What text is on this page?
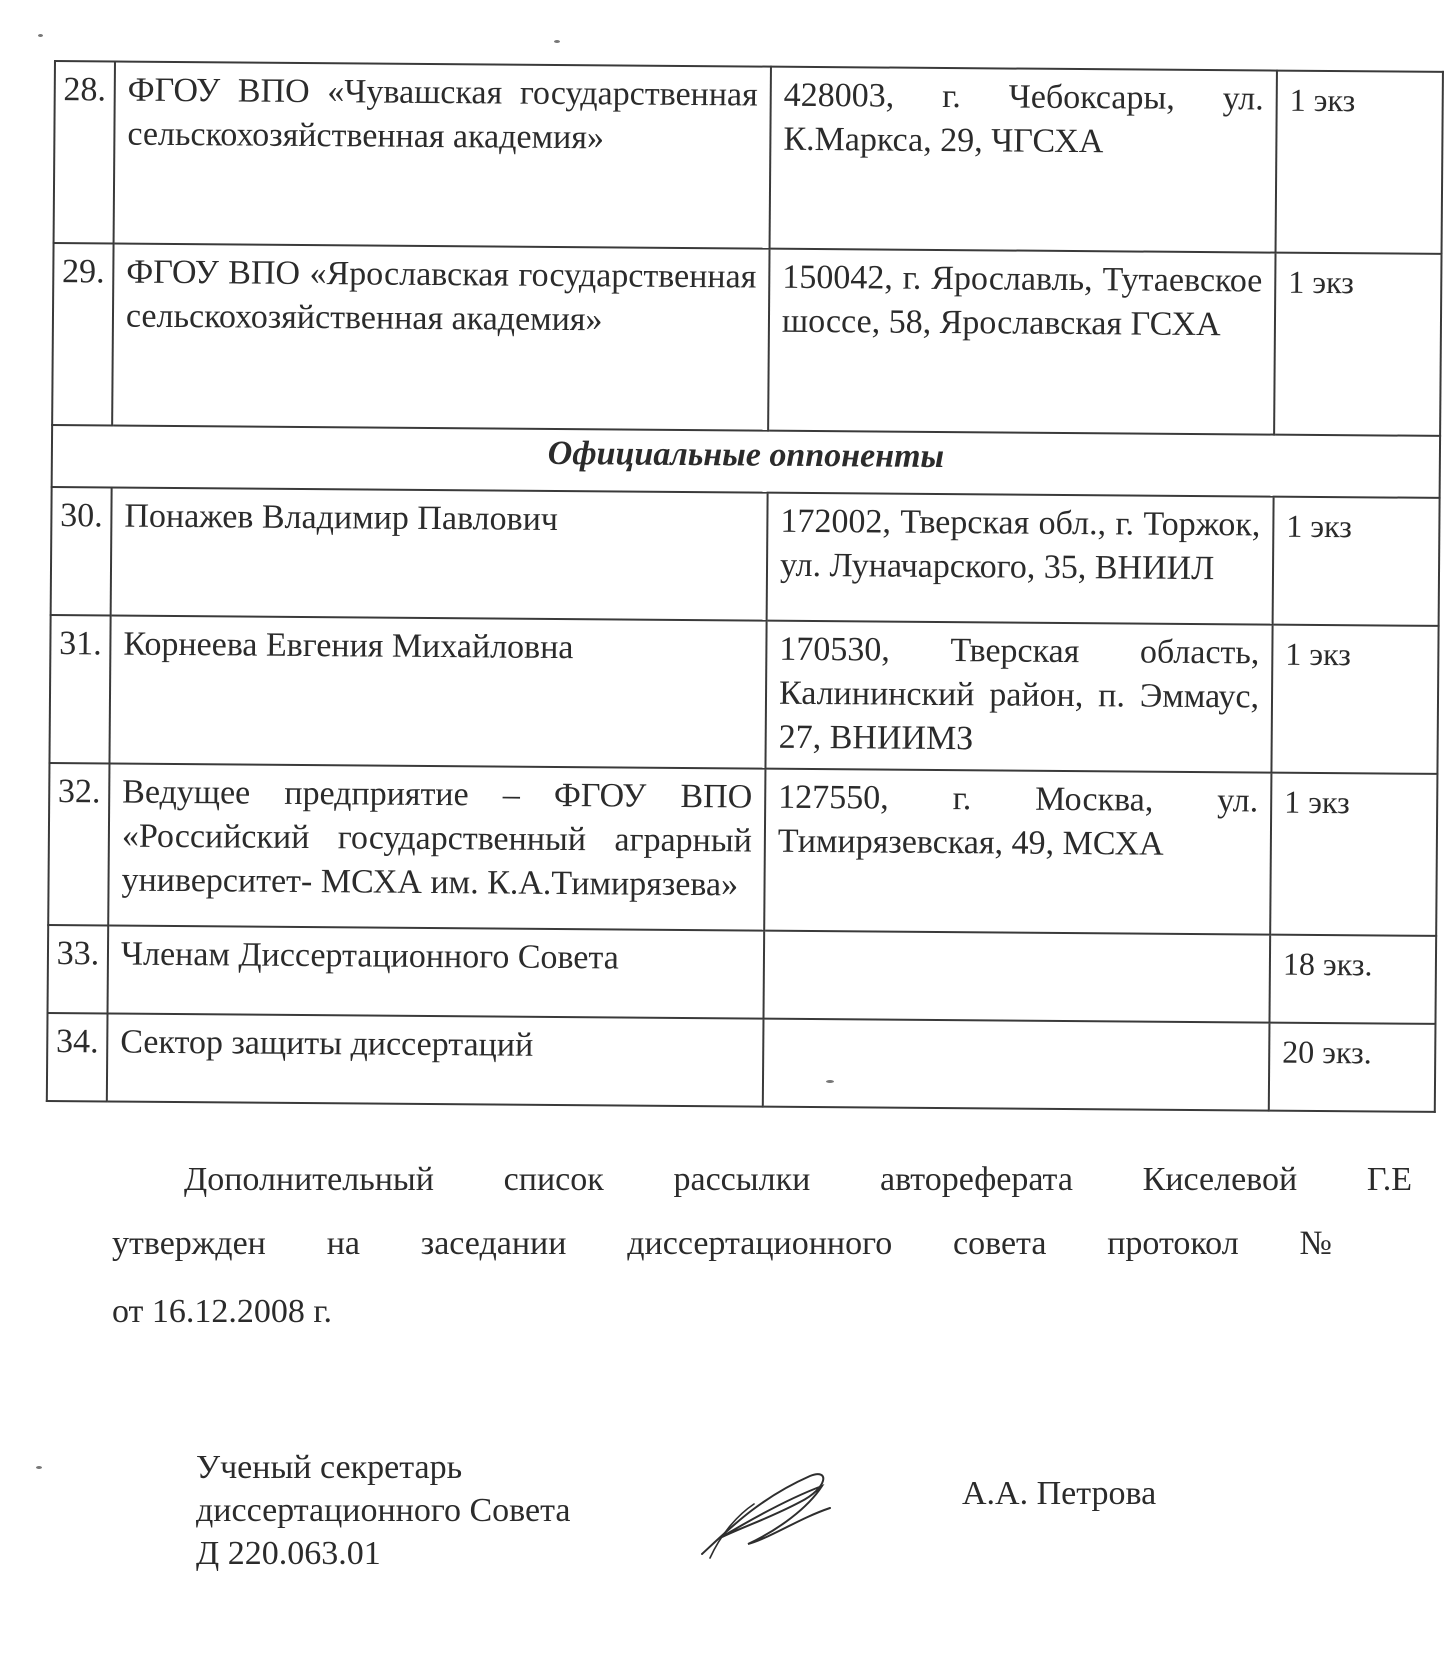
28.	ФГОУ ВПО «Чувашская государственная сельскохозяйственная академия»	428003, г. Чебоксары, ул. К.Маркса, 29, ЧГСХА	1 экз
29.	ФГОУ ВПО «Ярославская государственная сельскохозяйственная академия»	150042, г. Ярославль, Тутаевское шоссе, 58, Ярославская ГСХА	1 экз
Официальные оппоненты			
30.	Понажев Владимир Павлович	172002, Тверская обл., г. Торжок, ул. Луначарского, 35, ВНИИЛ	1 экз
31.	Корнеева Евгения Михайловна	170530, Тверская область, Калининский район, п. Эммаус, 27, ВНИИМЗ	1 экз
32.	Ведущее предприятие – ФГОУ ВПО «Российский государственный аграрный университет- МСХА им. К.А.Тимирязева»	127550, г. Москва, ул. Тимирязевская, 49, МСХА	1 экз
33.	Членам Диссертационного Совета		18 экз.
34.	Сектор защиты диссертаций		20 экз.
Дополнительный список рассылки автореферата Киселевой Г.Е
утвержден на заседании диссертационного совета протокол №
от 16.12.2008 г.
Ученый секретарь
диссертационного Совета
Д 220.063.01
А.А. Петрова
